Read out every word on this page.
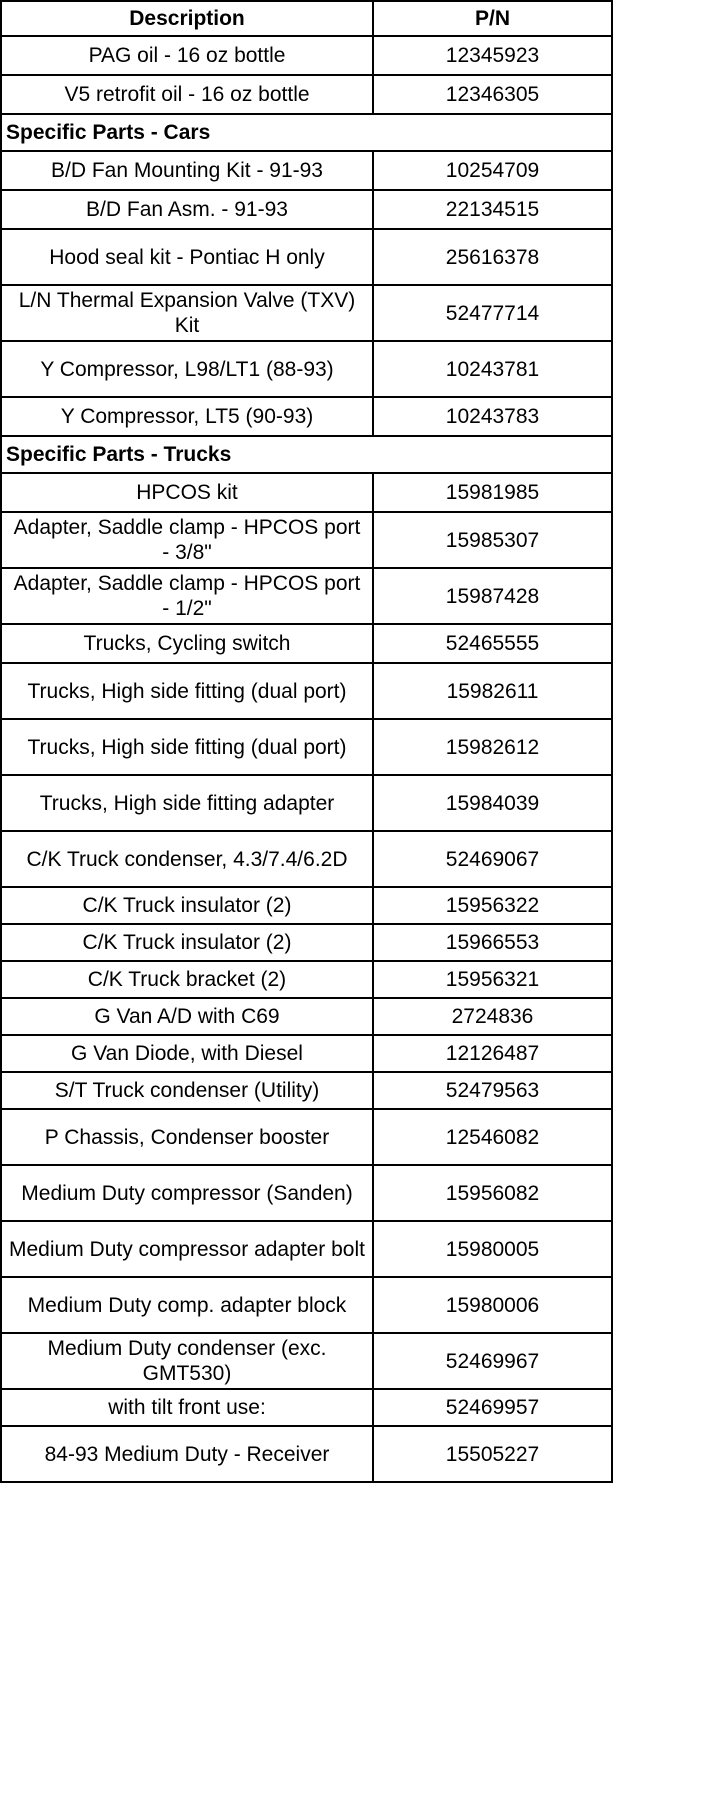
Description	P/N
PAG oil - 16 oz bottle	12345923
V5 retrofit oil - 16 oz bottle	12346305
Specific Parts - Cars	
B/D Fan Mounting Kit - 91-93	10254709
B/D Fan Asm. - 91-93	22134515
Hood seal kit - Pontiac H only	25616378
L/N Thermal Expansion Valve (TXV) Kit	52477714
Y Compressor, L98/LT1 (88-93)	10243781
Y Compressor, LT5 (90-93)	10243783
Specific Parts - Trucks	
HPCOS kit	15981985
Adapter, Saddle clamp - HPCOS port - 3/8"	15985307
Adapter, Saddle clamp - HPCOS port - 1/2"	15987428
Trucks, Cycling switch	52465555
Trucks, High side fitting (dual port)	15982611
Trucks, High side fitting (dual port)	15982612
Trucks, High side fitting adapter	15984039
C/K Truck condenser, 4.3/7.4/6.2D	52469067
C/K Truck insulator (2)	15956322
C/K Truck insulator (2)	15966553
C/K Truck bracket (2)	15956321
G Van A/D with C69	2724836
G Van Diode, with Diesel	12126487
S/T Truck condenser (Utility)	52479563
P Chassis, Condenser booster	12546082
Medium Duty compressor (Sanden)	15956082
Medium Duty compressor adapter bolt	15980005
Medium Duty comp. adapter block	15980006
Medium Duty condenser (exc. GMT530)	52469967
with tilt front use:	52469957
84-93 Medium Duty - Receiver	15505227
